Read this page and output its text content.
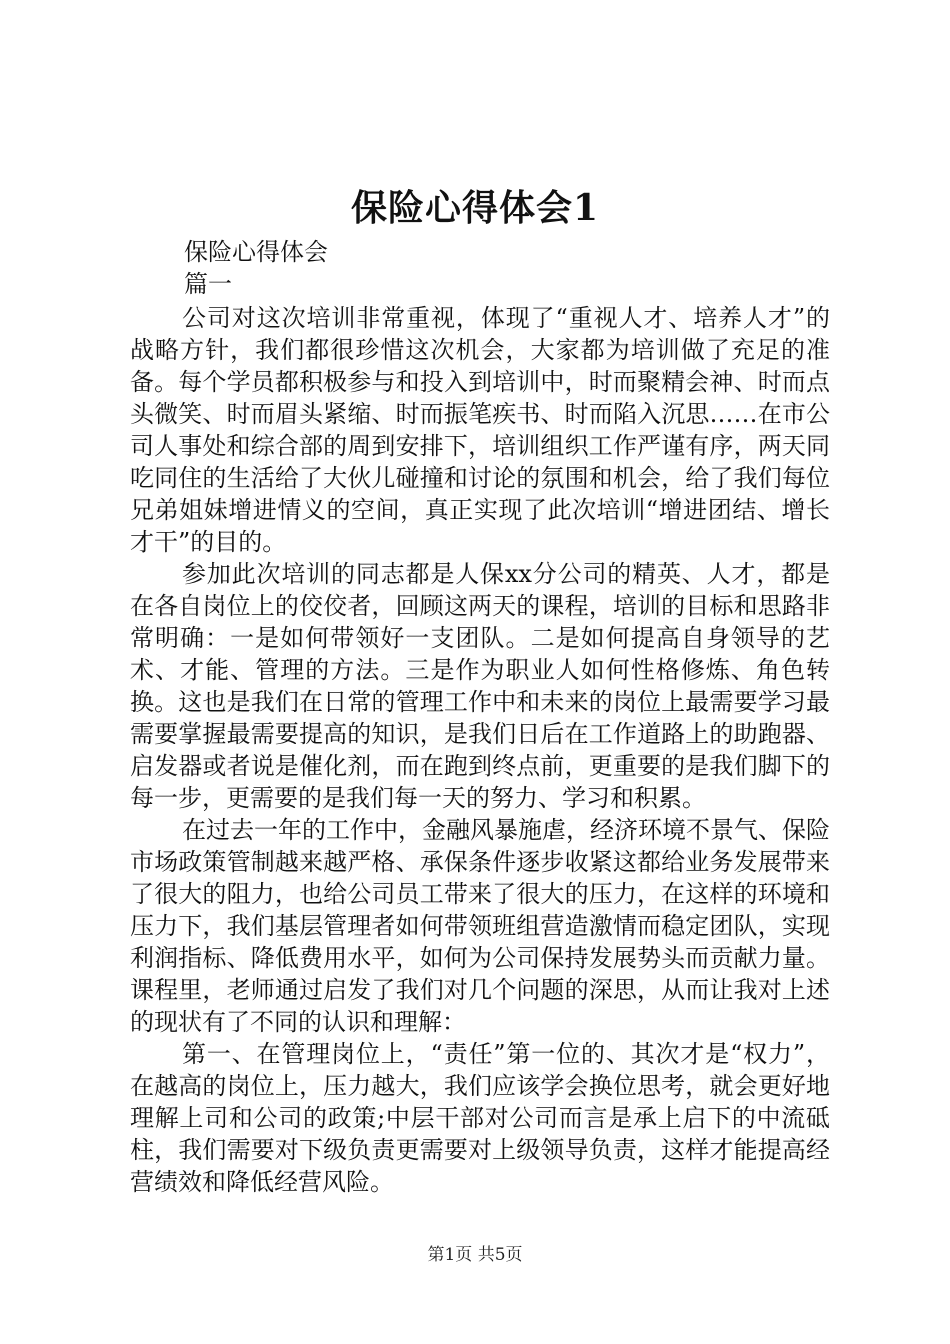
保险心得体会1
保险心得体会
篇一

公司对这次培训非常重视，体现了“重视人才、培养人才”的战略方针，我们都很珍惜这次机会，大家都为培训做了充足的准备。每个学员都积极参与和投入到培训中，时而聚精会神、时而点头微笑、时而眉头紧缩、时而振笔疾书、时而陷入沉思……在市公司人事处和综合部的周到安排下，培训组织工作严谨有序，两天同吃同住的生活给了大伙儿碰撞和讨论的氛围和机会，给了我们每位兄弟姐妹增进情义的空间，真正实现了此次培训“增进团结、增长才干”的目的。

参加此次培训的同志都是人保xx分公司的精英、人才，都是在各自岗位上的佼佼者，回顾这两天的课程，培训的目标和思路非常明确：一是如何带领好一支团队。二是如何提高自身领导的艺术、才能、管理的方法。三是作为职业人如何性格修炼、角色转换。这也是我们在日常的管理工作中和未来的岗位上最需要学习最需要掌握最需要提高的知识，是我们日后在工作道路上的助跑器、启发器或者说是催化剂，而在跑到终点前，更重要的是我们脚下的每一步，更需要的是我们每一天的努力、学习和积累。

在过去一年的工作中，金融风暴施虐，经济环境不景气、保险市场政策管制越来越严格、承保条件逐步收紧这都给业务发展带来了很大的阻力，也给公司员工带来了很大的压力，在这样的环境和压力下，我们基层管理者如何带领班组营造激情而稳定团队，实现利润指标、降低费用水平，如何为公司保持发展势头而贡献力量。课程里，老师通过启发了我们对几个问题的深思，从而让我对上述的现状有了不同的认识和理解：

第一、在管理岗位上，“责任”第一位的、其次才是“权力”，在越高的岗位上，压力越大，我们应该学会换位思考，就会更好地理解上司和公司的政策;中层干部对公司而言是承上启下的中流砥柱，我们需要对下级负责更需要对上级领导负责，这样才能提高经营绩效和降低经营风险。

第1页 共5页
